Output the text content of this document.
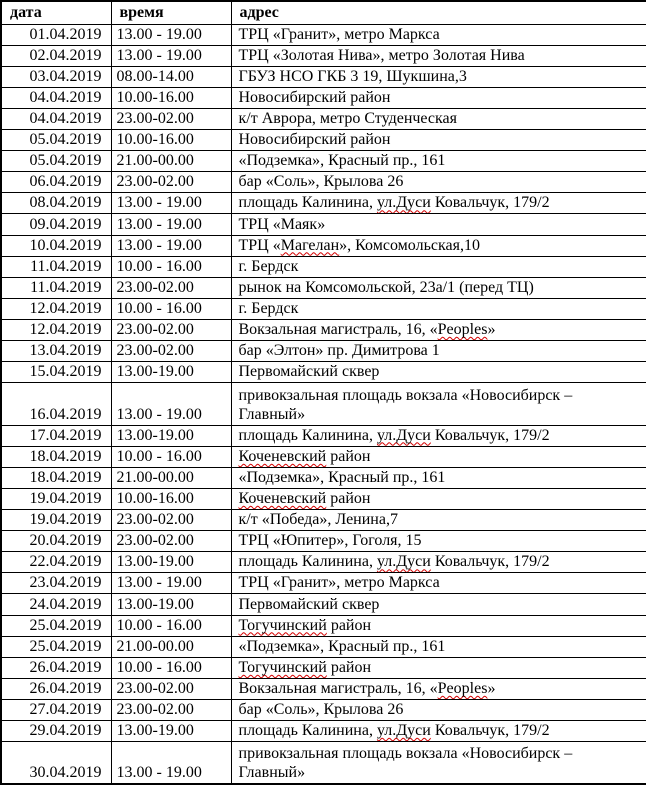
дата	время	адрес
01.04.2019	13.00 - 19.00	ТРЦ «Гранит», метро Маркса
02.04.2019	13.00 - 19.00	ТРЦ «Золотая Нива», метро Золотая Нива
03.04.2019	08.00-14.00	ГБУЗ НСО ГКБ 3 19, Шукшина,3
04.04.2019	10.00-16.00	Новосибирский район
04.04.2019	23.00-02.00	к/т Аврора, метро Студенческая
05.04.2019	10.00-16.00	Новосибирский район
05.04.2019	21.00-00.00	«Подземка», Красный пр., 161
06.04.2019	23.00-02.00	бар «Соль», Крылова 26
08.04.2019	13.00 - 19.00	площадь Калинина, ул.Дуси Ковальчук, 179/2
09.04.2019	13.00 - 19.00	ТРЦ «Маяк»
10.04.2019	13.00 - 19.00	ТРЦ «Магелан», Комсомольская,10
11.04.2019	10.00 - 16.00	г. Бердск
11.04.2019	23.00-02.00	рынок на Комсомольской, 23а/1 (перед ТЦ)
12.04.2019	10.00 - 16.00	г. Бердск
12.04.2019	23.00-02.00	Вокзальная магистраль, 16, «Peoples»
13.04.2019	23.00-02.00	бар «Элтон» пр. Димитрова 1
15.04.2019	13.00-19.00	Первомайский сквер
16.04.2019	13.00 - 19.00	привокзальная площадь вокзала «Новосибирск –
Главный»
17.04.2019	13.00-19.00	площадь Калинина, ул.Дуси Ковальчук, 179/2
18.04.2019	10.00 - 16.00	Коченевский район
18.04.2019	21.00-00.00	«Подземка», Красный пр., 161
19.04.2019	10.00-16.00	Коченевский район
19.04.2019	23.00-02.00	к/т «Победа», Ленина,7
20.04.2019	23.00-02.00	ТРЦ «Юпитер», Гоголя, 15
22.04.2019	13.00-19.00	площадь Калинина, ул.Дуси Ковальчук, 179/2
23.04.2019	13.00 - 19.00	ТРЦ «Гранит», метро Маркса
24.04.2019	13.00-19.00	Первомайский сквер
25.04.2019	10.00 - 16.00	Тогучинский район
25.04.2019	21.00-00.00	«Подземка», Красный пр., 161
26.04.2019	10.00 - 16.00	Тогучинский район
26.04.2019	23.00-02.00	Вокзальная магистраль, 16, «Peoples»
27.04.2019	23.00-02.00	бар «Соль», Крылова 26
29.04.2019	13.00-19.00	площадь Калинина, ул.Дуси Ковальчук, 179/2
30.04.2019	13.00 - 19.00	привокзальная площадь вокзала «Новосибирск –
Главный»
